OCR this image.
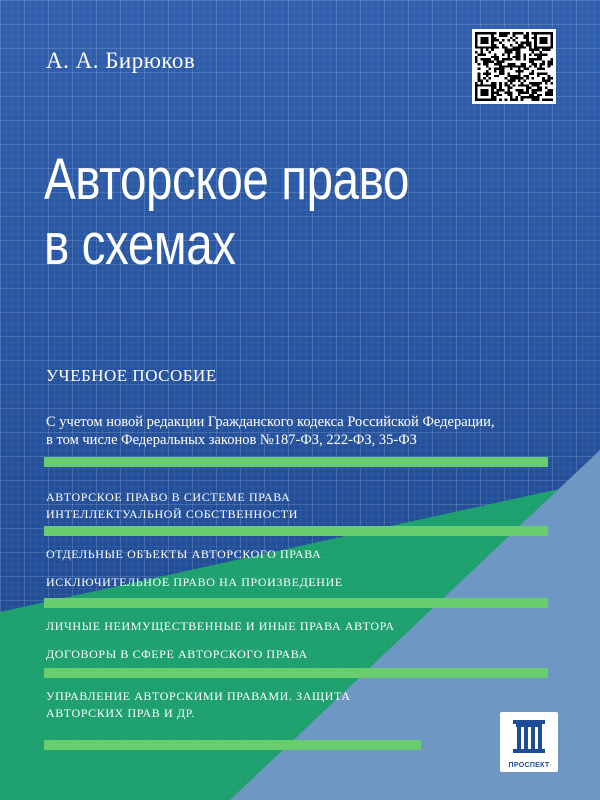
А. А. Бирюков
Авторское право
в схемах
УЧЕБНОЕ ПОСОБИЕ
С учетом новой редакции Гражданского кодекса Российской Федерации,
в том числе Федеральных законов №187-ФЗ, 222-ФЗ, 35-ФЗ
АВТОРСКОЕ ПРАВО В СИСТЕМЕ ПРАВА
ИНТЕЛЛЕКТУАЛЬНОЙ СОБСТВЕННОСТИ
ОТДЕЛЬНЫЕ ОБЪЕКТЫ АВТОРСКОГО ПРАВА
ИСКЛЮЧИТЕЛЬНОЕ ПРАВО НА ПРОИЗВЕДЕНИЕ
ЛИЧНЫЕ НЕИМУЩЕСТВЕННЫЕ И ИНЫЕ ПРАВА АВТОРА
ДОГОВОРЫ В СФЕРЕ АВТОРСКОГО ПРАВА
УПРАВЛЕНИЕ АВТОРСКИМИ ПРАВАМИ. ЗАЩИТА
АВТОРСКИХ ПРАВ И ДР.
ПРОСПЕКТ
